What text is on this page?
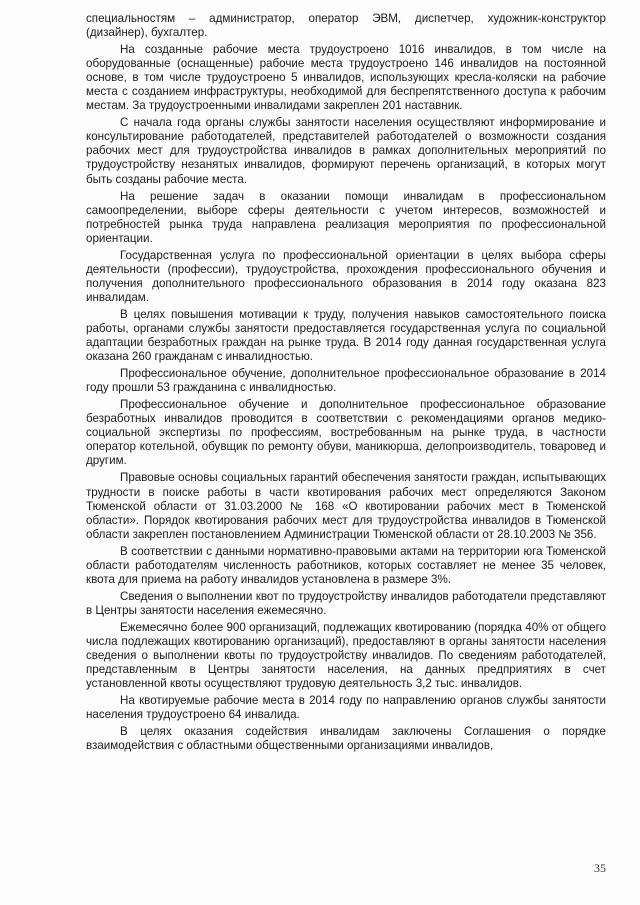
специальностям – администратор, оператор ЭВМ, диспетчер, художник-конструктор (дизайнер), бухгалтер.

На созданные рабочие места трудоустроено 1016 инвалидов, в том числе на оборудованные (оснащенные) рабочие места трудоустроено 146 инвалидов на постоянной основе, в том числе трудоустроено 5 инвалидов, использующих кресла-коляски на рабочие места с созданием инфраструктуры, необходимой для беспрепятственного доступа к рабочим местам. За трудоустроенными инвалидами закреплен 201 наставник.

С начала года органы службы занятости населения осуществляют информирование и консультирование работодателей, представителей работодателей о возможности создания рабочих мест для трудоустройства инвалидов в рамках дополнительных мероприятий по трудоустройству незанятых инвалидов, формируют перечень организаций, в которых могут быть созданы рабочие места.

На решение задач в оказании помощи инвалидам в профессиональном самоопределении, выборе сферы деятельности с учетом интересов, возможностей и потребностей рынка труда направлена реализация мероприятия по профессиональной ориентации.

Государственная услуга по профессиональной ориентации в целях выбора сферы деятельности (профессии), трудоустройства, прохождения профессионального обучения и получения дополнительного профессионального образования в 2014 году оказана 823 инвалидам.

В целях повышения мотивации к труду, получения навыков самостоятельного поиска работы, органами службы занятости предоставляется государственная услуга по социальной адаптации безработных граждан на рынке труда. В 2014 году данная государственная услуга оказана 260 гражданам с инвалидностью.

Профессиональное обучение, дополнительное профессиональное образование в 2014 году прошли 53 гражданина с инвалидностью.

Профессиональное обучение и дополнительное профессиональное образование безработных инвалидов проводится в соответствии с рекомендациями органов медико-социальной экспертизы по профессиям, востребованным на рынке труда, в частности оператор котельной, обувщик по ремонту обуви, маникюрша, делопроизводитель, товаровед и другим.

Правовые основы социальных гарантий обеспечения занятости граждан, испытывающих трудности в поиске работы в части квотирования рабочих мест определяются Законом Тюменской области от 31.03.2000 № 168 «О квотировании рабочих мест в Тюменской области». Порядок квотирования рабочих мест для трудоустройства инвалидов в Тюменской области закреплен постановлением Администрации Тюменской области от 28.10.2003 № 356.

В соответствии с данными нормативно-правовыми актами на территории юга Тюменской области работодателям численность работников, которых составляет не менее 35 человек, квота для приема на работу инвалидов установлена в размере 3%.

Сведения о выполнении квот по трудоустройству инвалидов работодатели представляют в Центры занятости населения ежемесячно.

Ежемесячно более 900 организаций, подлежащих квотированию (порядка 40% от общего числа подлежащих квотированию организаций), предоставляют в органы занятости населения сведения о выполнении квоты по трудоустройству инвалидов. По сведениям работодателей, представленным в Центры занятости населения, на данных предприятиях в счет установленной квоты осуществляют трудовую деятельность 3,2 тыс. инвалидов.

На квотируемые рабочие места в 2014 году по направлению органов службы занятости населения трудоустроено 64 инвалида.

В целях оказания содействия инвалидам заключены Соглашения о порядке взаимодействия с областными общественными организациями инвалидов,

35
